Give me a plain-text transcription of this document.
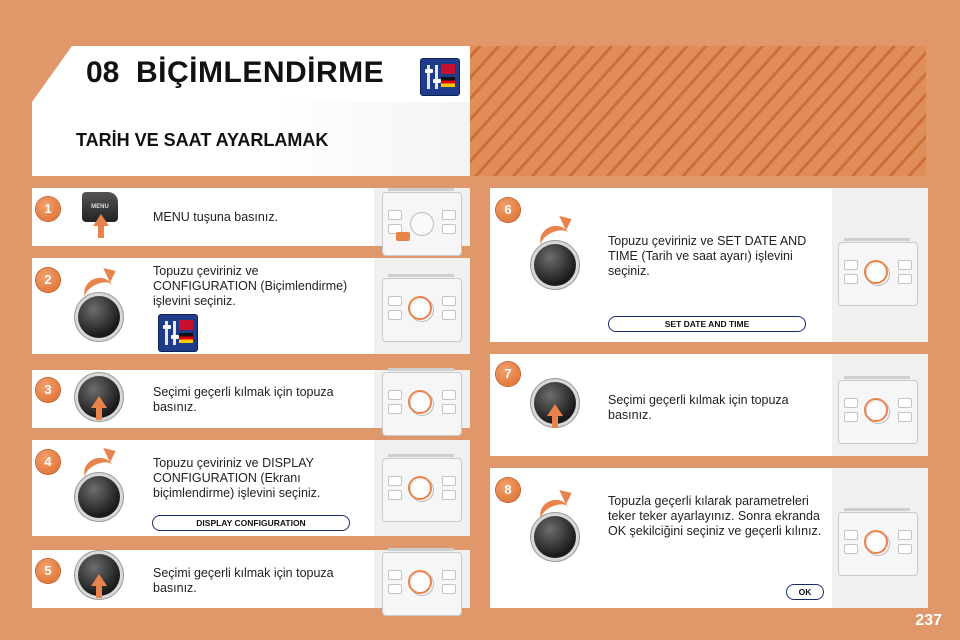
08 BİÇİMLENDİRME
TARİH VE SAAT AYARLAMAK
1	MENU
MENU tuşuna basınız.
2
Topuzu çeviriniz ve CONFIGURATION (Biçimlendirme) işlevini seçiniz.
3	Seçimi geçerli kılmak için topuza basınız.
4	Topuzu çeviriniz ve DISPLAY CONFIGURATION (Ekranı biçimlendirme) işlevini seçiniz.
DISPLAY CONFIGURATION
5	Seçimi geçerli kılmak için topuza basınız.
6
Topuzu çeviriniz ve SET DATE AND TIME (Tarih ve saat ayarı) işlevini seçiniz.
SET DATE AND TIME
7
Seçimi geçerli kılmak için topuza basınız.
8
Topuzla geçerli kılarak parametreleri teker teker ayarlayınız. Sonra ekranda OK şekilciğini seçiniz ve geçerli kılınız.
OK
237
